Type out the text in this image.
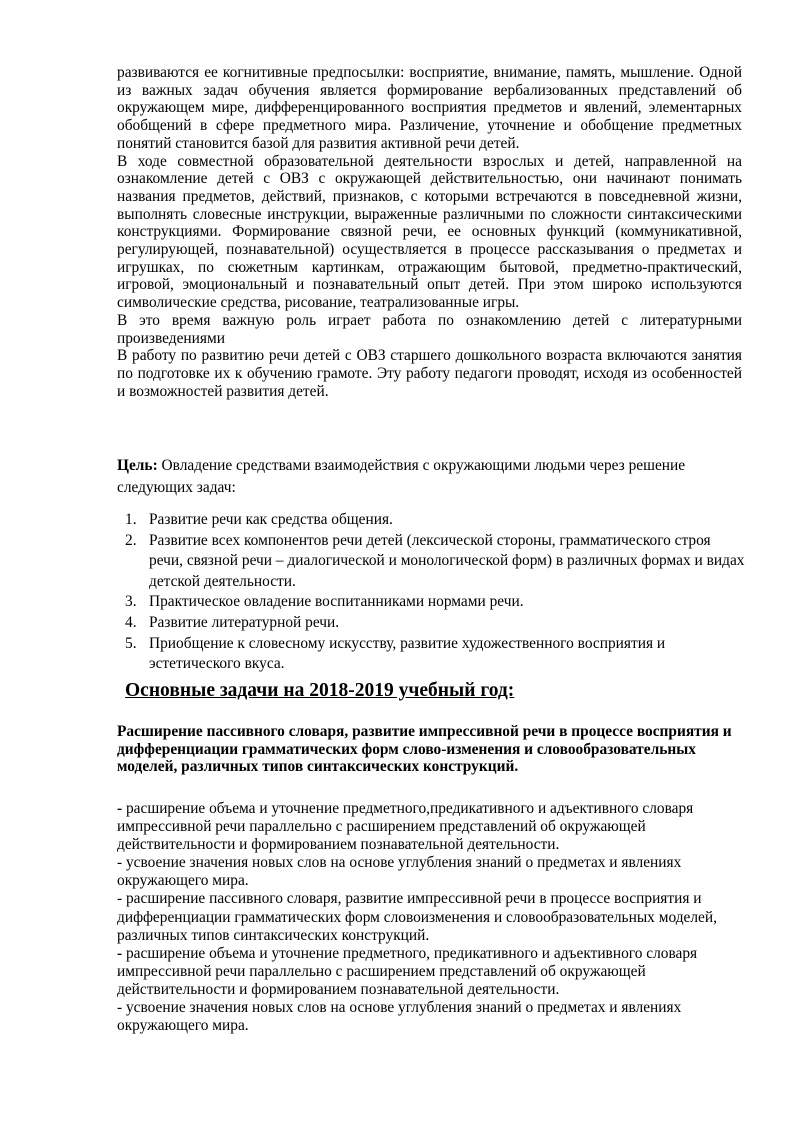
развиваются ее когнитивные предпосылки: восприятие, внимание, память, мышление. Одной из важных задач обучения является формирование вербализованных представлений об окружающем мире, дифференцированного восприятия предметов и явлений, элементарных обобщений в сфере предметного мира. Различение, уточнение и обобщение предметных понятий становится базой для развития активной речи детей.

В ходе совместной образовательной деятельности взрослых и детей, направленной на ознакомление детей с ОВЗ с окружающей действительностью, они начинают понимать названия предметов, действий, признаков, с которыми встречаются в повседневной жизни, выполнять словесные инструкции, выраженные различными по сложности синтаксическими конструкциями. Формирование связной речи, ее основных функций (коммуникативной, регулирующей, познавательной) осуществляется в процессе рассказывания о предметах и игрушках, по сюжетным картинкам, отражающим бытовой, предметно-практический, игровой, эмоциональный и познавательный опыт детей. При этом широко используются символические средства, рисование, театрализованные игры.

В это время важную роль играет работа по ознакомлению детей с литературными произведениями

В работу по развитию речи детей с ОВЗ старшего дошкольного возраста включаются занятия по подготовке их к обучению грамоте. Эту работу педагоги проводят, исходя из особенностей и возможностей развития детей.

Цель: Овладение средствами взаимодействия с окружающими людьми через решение следующих задач:
1. Развитие речи как средства общения.
2. Развитие всех компонентов речи детей (лексической стороны, грамматического строя речи, связной речи – диалогической и монологической форм) в различных формах и видах детской деятельности.
3. Практическое овладение воспитанниками нормами речи.
4. Развитие литературной речи.
5. Приобщение к словесному искусству, развитие художественного восприятия и эстетического вкуса.
Основные задачи на 2018-2019 учебный год:

Расширение пассивного словаря, развитие импрессивной речи в процессе восприятия и дифференциации грамматических форм слово-изменения и словообразовательных моделей, различных типов синтаксических конструкций.

- расширение объема и уточнение предметного,предикативного и адъективного словаря импрессивной речи параллельно с расширением представлений об окружающей действительности и формированием познавательной деятельности.

- усвоение значения новых слов на основе углубления знаний о предметах и явлениях окружающего мира.

- расширение пассивного словаря, развитие импрессивной речи в процессе восприятия и дифференциации грамматических форм словоизменения и словообразовательных моделей, различных типов синтаксических конструкций.

- расширение объема и уточнение предметного, предикативного и адъективного словаря импрессивной речи параллельно с расширением представлений об окружающей действительности и формированием познавательной деятельности.

- усвоение значения новых слов на основе углубления знаний о предметах и явлениях окружающего мира.
